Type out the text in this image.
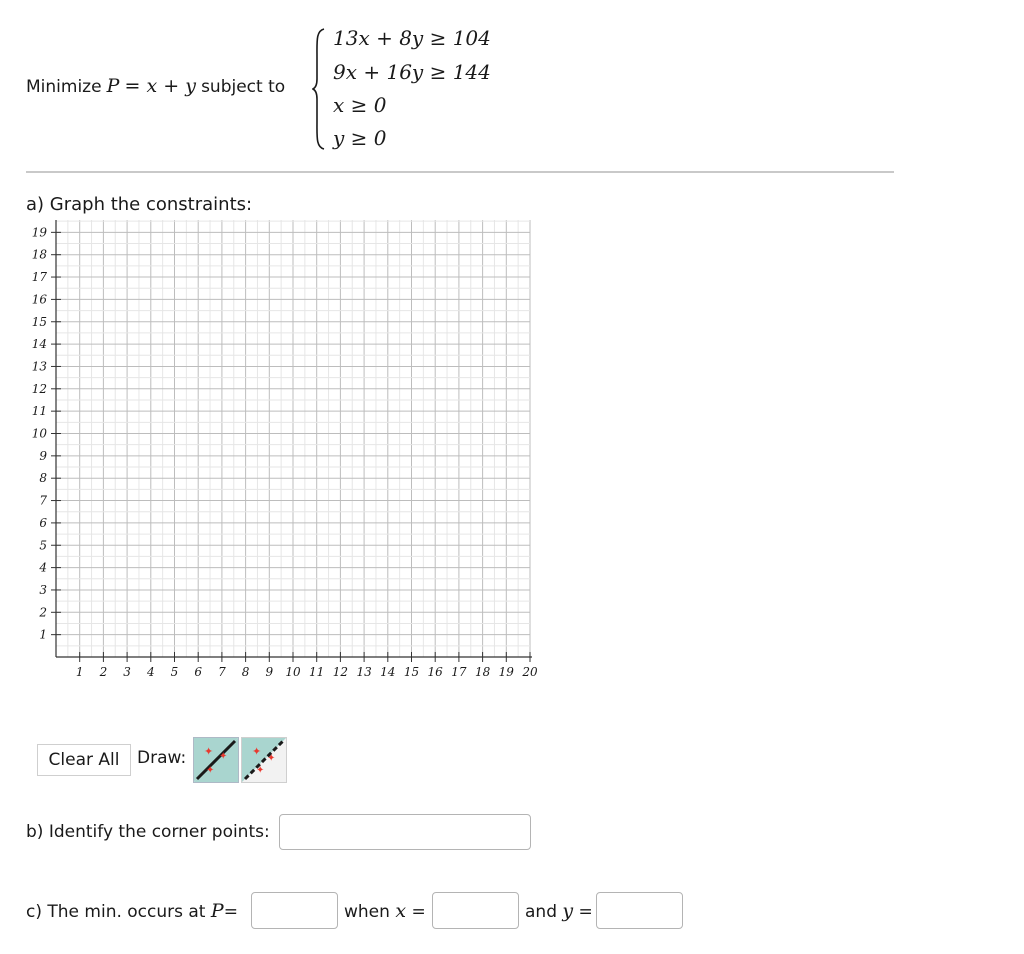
Minimize P = x + y subject to
13x + 8y ≥ 104
9x + 16y ≥ 144
x ≥ 0
y ≥ 0
a) Graph the constraints:
1 2 3 4 5 6 7 8 9 10 11 12 13 14 15 16 17 18 19 20
19
18
17
16
15
14
13
12
11
10
9
8
7
6
5
4
3
2
1
Clear All	Draw: ✦ ✦
✦
✦
✦
✦
b) Identify the corner points:
c) The min. occurs at P=	when x =	and y =
